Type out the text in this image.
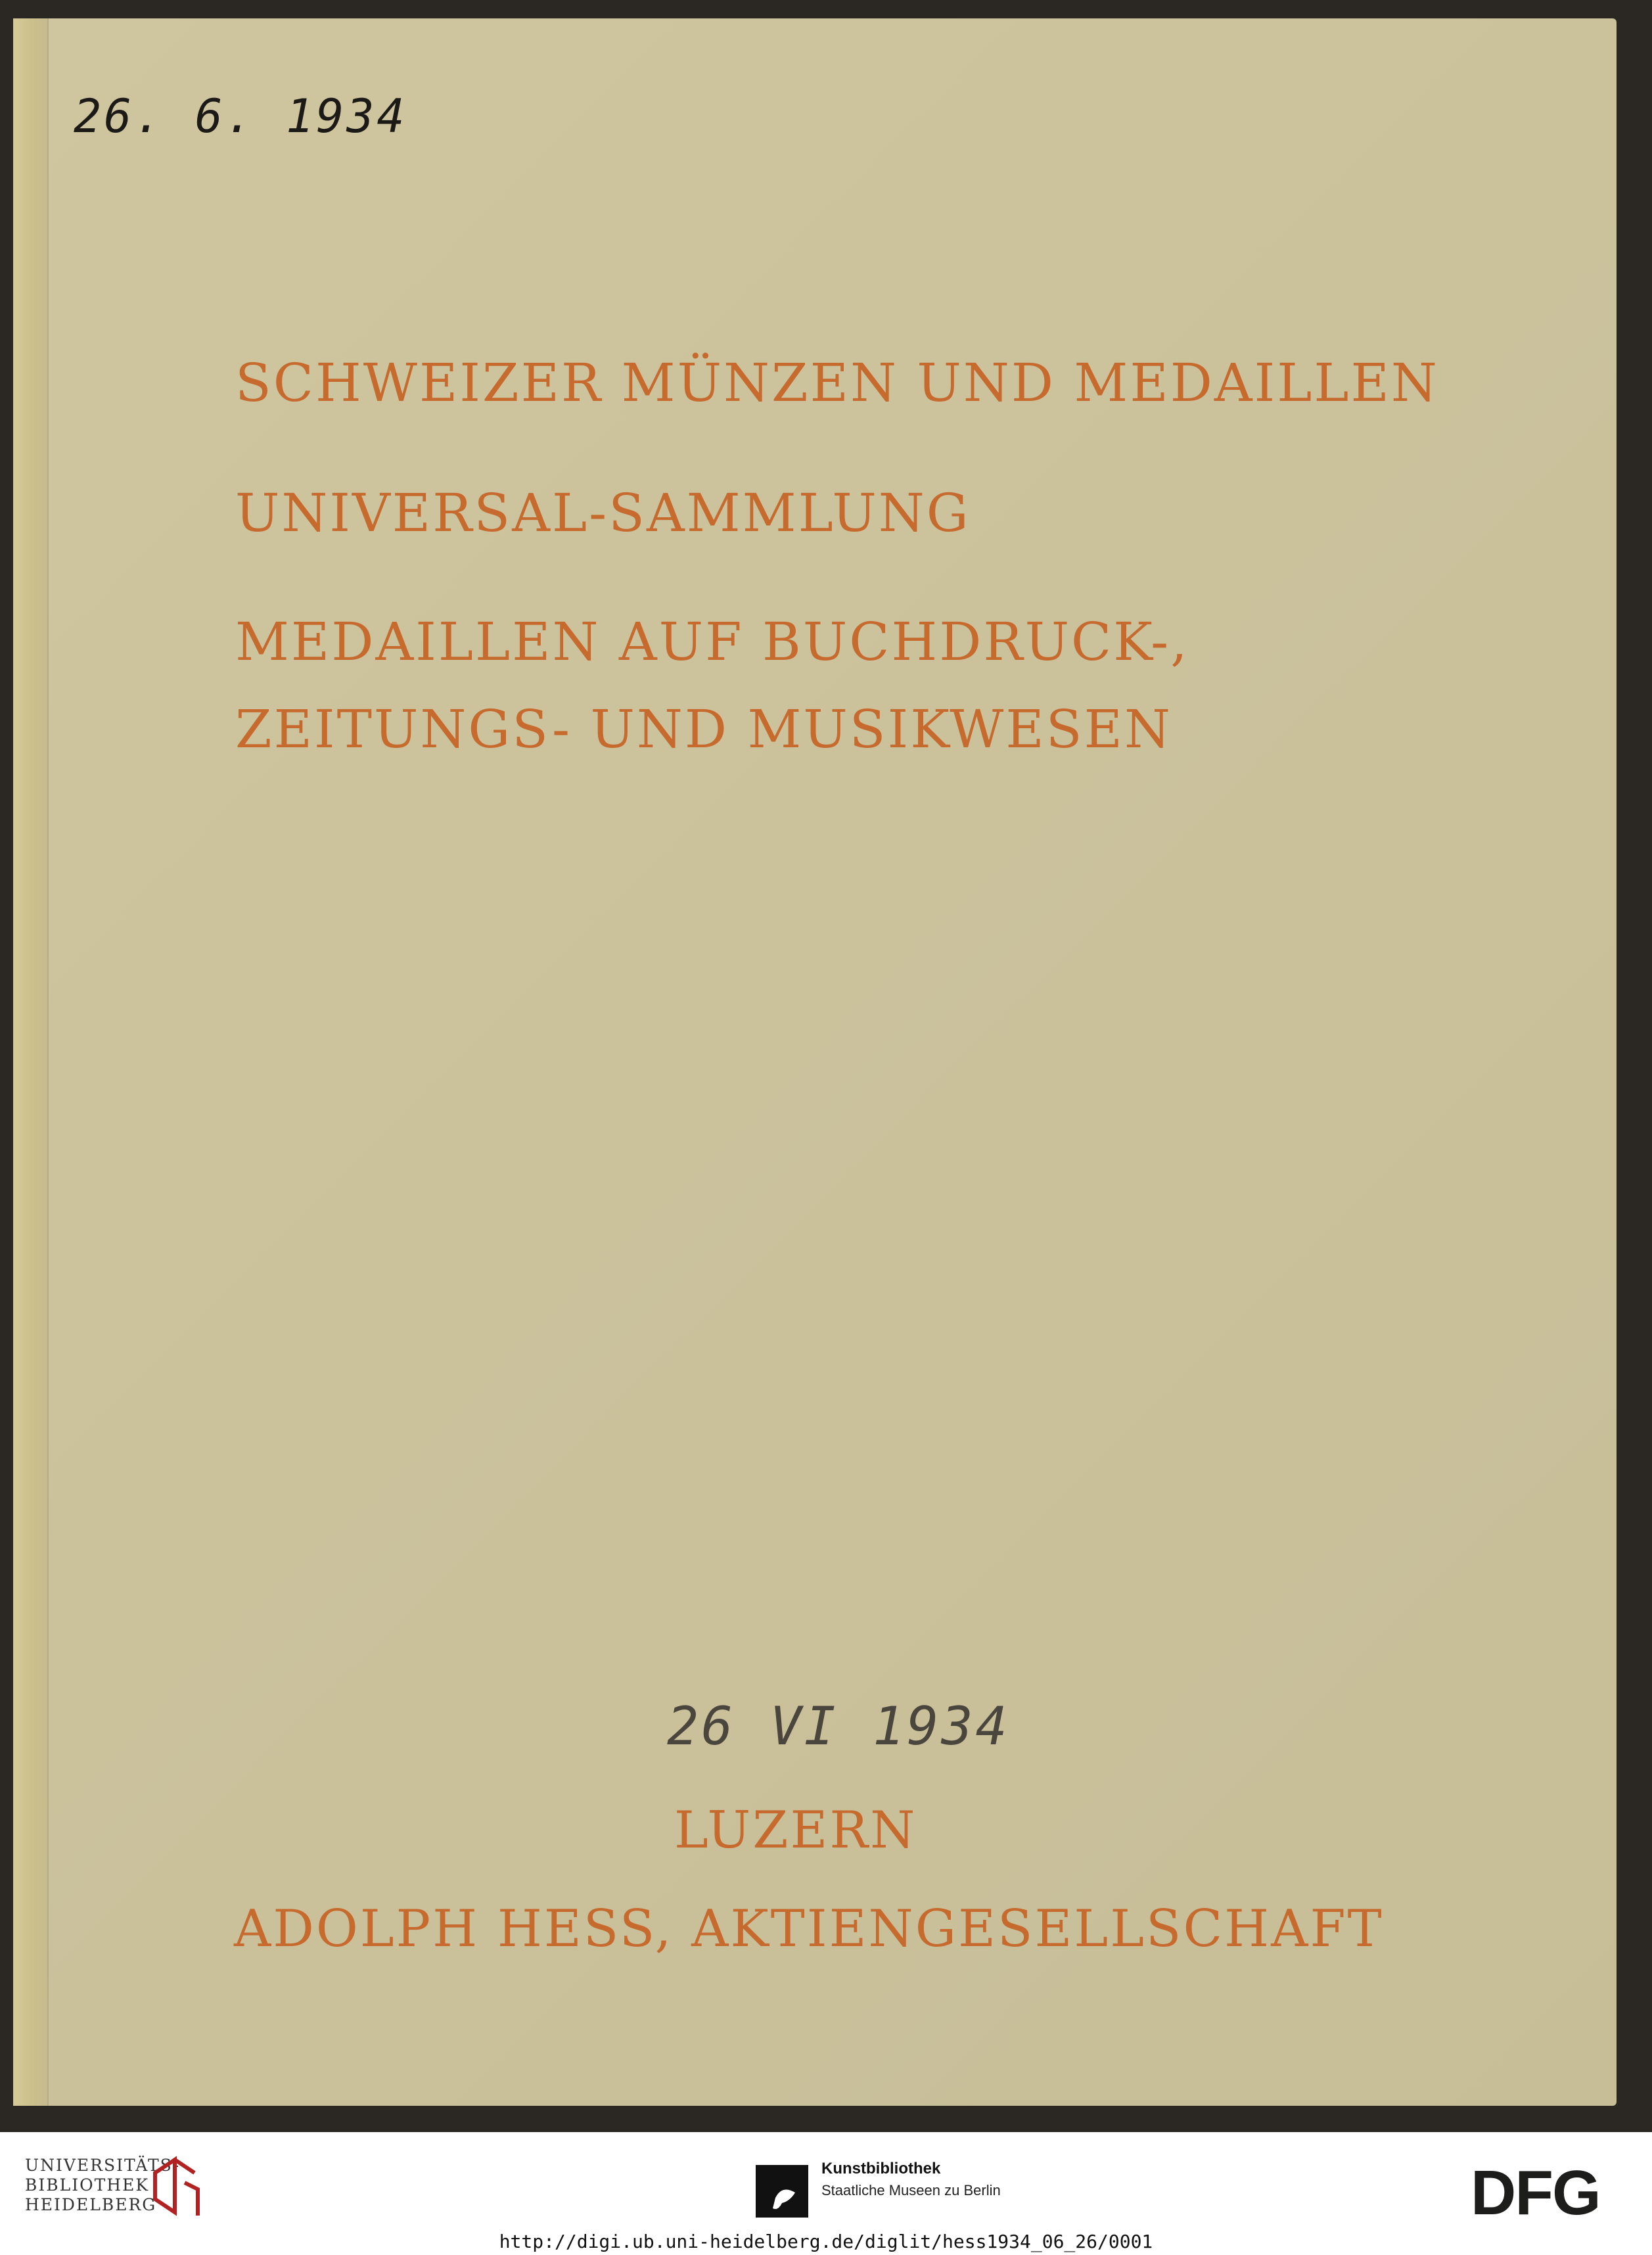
26. 6. 1934
SCHWEIZER MÜNZEN UND MEDAILLEN
UNIVERSAL-SAMMLUNG
MEDAILLEN AUF BUCHDRUCK-,
ZEITUNGS- UND MUSIKWESEN
26 VI 1934
LUZERN
ADOLPH HESS, AKTIENGESELLSCHAFT
UNIVERSITÄTS-
BIBLIOTHEK
HEIDELBERG
Kunstbibliothek
Staatliche Museen zu Berlin	DFG
http://digi.ub.uni-heidelberg.de/diglit/hess1934_06_26/0001
